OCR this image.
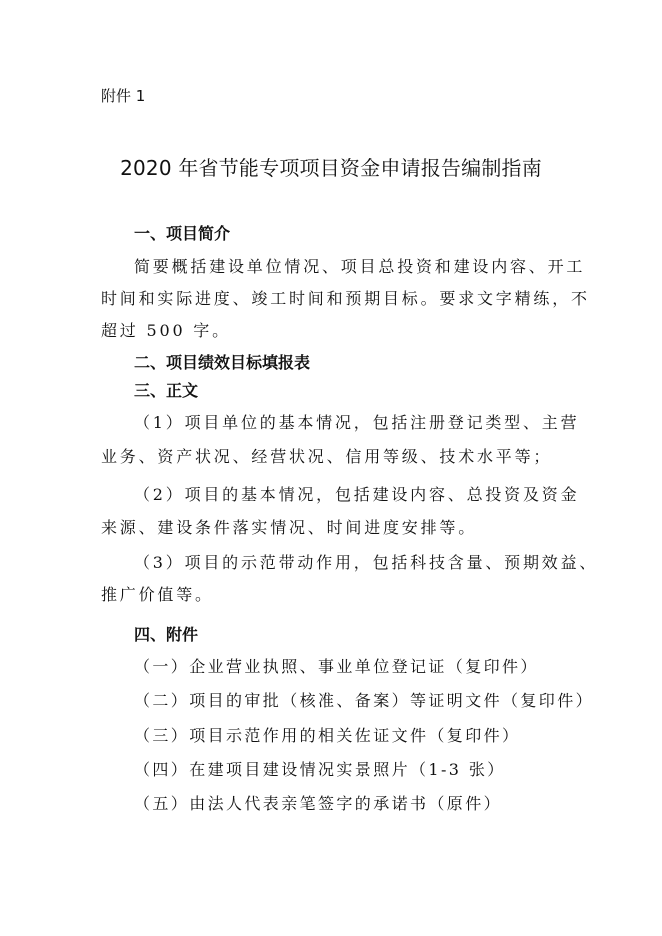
附件 1
2020 年省节能专项项目资金申请报告编制指南
一、项目简介
简要概括建设单位情况、项目总投资和建设内容、开工
时间和实际进度、竣工时间和预期目标。要求文字精练，不
超过 500 字。
二、项目绩效目标填报表
三、正文
（1）项目单位的基本情况，包括注册登记类型、主营
业务、资产状况、经营状况、信用等级、技术水平等；
（2）项目的基本情况，包括建设内容、总投资及资金
来源、建设条件落实情况、时间进度安排等。
（3）项目的示范带动作用，包括科技含量、预期效益、
推广价值等。
四、附件
（一）企业营业执照、事业单位登记证（复印件）
（二）项目的审批（核准、备案）等证明文件（复印件）
（三）项目示范作用的相关佐证文件（复印件）
（四）在建项目建设情况实景照片（1-3 张）
（五）由法人代表亲笔签字的承诺书（原件）
